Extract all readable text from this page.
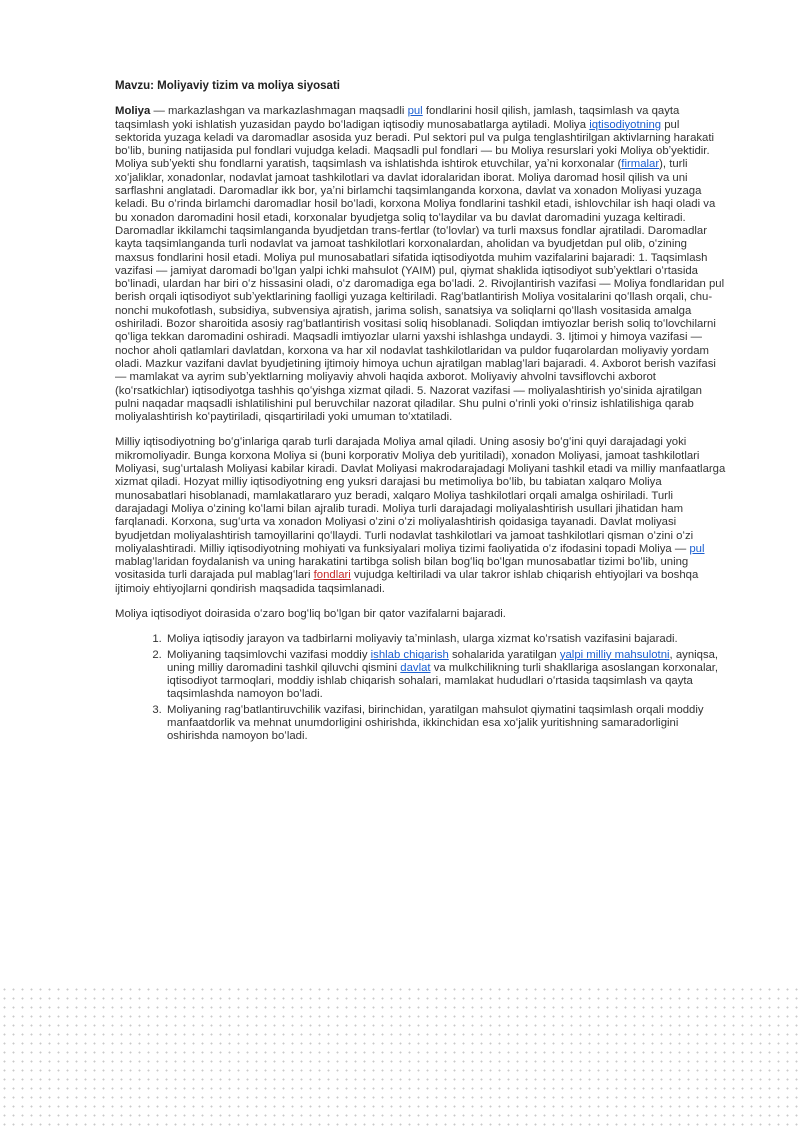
Mavzu: Moliyaviy tizim va moliya siyosati

Moliya — markazlashgan va markazlashmagan maqsadli pul fondlarini hosil qilish, jamlash, taqsimlash va qayta taqsimlash yoki ishlatish yuzasidan paydo boʻladigan iqtisodiy munosabatlarga aytiladi. Moliya iqtisodiyotning pul sektorida yuzaga keladi va daromadlar asosida yuz beradi. Pul sektori pul va pulga tenglashtirilgan aktivlarning harakati boʻlib, buning natijasida pul fondlari vujudga keladi. Maqsadli pul fondlari — bu Moliya resurslari yoki Moliya obʼyektidir. Moliya subʼyekti shu fondlarni yaratish, taqsimlash va ishlatishda ishtirok etuvchilar, yaʼni korxonalar (firmalar), turli xoʻjaliklar, xonadonlar, nodavlat jamoat tashkilotlari va davlat idoralaridan iborat. Moliya daromad hosil qilish va uni sarflashni anglatadi. Daromadlar ikk bor, yaʼni birlamchi taqsimlanganda korxona, davlat va xonadon Moliyasi yuzaga keladi. Bu oʻrinda birlamchi daromadlar hosil boʻladi, korxona Moliya fondlarini tashkil etadi, ishlovchilar ish haqi oladi va bu xonadon daromadini hosil etadi, korxonalar byudjetga soliq toʻlaydilar va bu davlat daromadini yuzaga keltiradi. Daromadlar ikkilamchi taqsimlanganda byudjetdan trans-fertlar (toʻlovlar) va turli maxsus fondlar ajratiladi. Daromadlar kayta taqsimlanganda turli nodavlat va jamoat tashkilotlari korxonalardan, aholidan va byudjetdan pul olib, oʻzining maxsus fondlarini hosil etadi. Moliya pul munosabatlari sifatida iqtisodiyotda muhim vazifalarini bajaradi: 1. Taqsimlash vazifasi — jamiyat daromadi boʻlgan yalpi ichki mahsulot (YAIM) pul, qiymat shaklida iqtisodiyot subʼyektlari oʻrtasida boʻlinadi, ulardan har biri oʻz hissasini oladi, oʻz daromadiga ega boʻladi. 2. Rivojlantirish vazifasi — Moliya fondlaridan pul berish orqali iqtisodiyot subʼyektlarining faolligi yuzaga keltiriladi. Ragʻbatlantirish Moliya vositalarini qoʻllash orqali, chu-nonchi mukofotlash, subsidiya, subvensiya ajratish, jarima solish, sanatsiya va soliqlarni qoʻllash vositasida amalga oshiriladi. Bozor sharoitida asosiy ragʻbatlantirish vositasi soliq hisoblanadi. Soliqdan imtiyozlar berish soliq toʻlovchilarni qoʻliga tekkan daromadini oshiradi. Maqsadli imtiyozlar ularni yaxshi ishlashga undaydi. 3. Ijtimoi y himoya vazifasi — nochor aholi qatlamlari davlatdan, korxona va har xil nodavlat tashkilotlaridan va puldor fuqarolardan moliyaviy yordam oladi. Mazkur vazifani davlat byudjetining ijtimoiy himoya uchun ajratilgan mablagʻlari bajaradi. 4. Axborot berish vazifasi — mamlakat va ayrim subʼyektlarning moliyaviy ahvoli haqida axborot. Moliyaviy ahvolni tavsiflovchi axborot (koʻrsatkichlar) iqtisodiyotga tashhis qoʻyishga xizmat qiladi. 5. Nazorat vazifasi — moliyalashtirish yoʻsinida ajratilgan pulni naqadar maqsadli ishlatilishini pul beruvchilar nazorat qiladilar. Shu pulni oʻrinli yoki oʻrinsiz ishlatilishiga qarab moliyalashtirish koʻpaytiriladi, qisqartiriladi yoki umuman toʻxtatiladi.

Milliy iqtisodiyotning boʻgʻinlariga qarab turli darajada Moliya amal qiladi. Uning asosiy boʻgʻini quyi darajadagi yoki mikromoliyadir. Bunga korxona Moliya si (buni korporativ Moliya deb yuritiladi), xonadon Moliyasi, jamoat tashkilotlari Moliyasi, sugʻurtalash Moliyasi kabilar kiradi. Davlat Moliyasi makrodarajadagi Moliyani tashkil etadi va milliy manfaatlarga xizmat qiladi. Hozyat milliy iqtisodiyotning eng yuksri darajasi bu metimoliya boʻlib, bu tabiatan xalqaro Moliya munosabatlari hisoblanadi, mamlakatlararo yuz beradi, xalqaro Moliya tashkilotlari orqali amalga oshiriladi. Turli darajadagi Moliya oʻzining koʻlami bilan ajralib turadi. Moliya turli darajadagi moliyalashtirish usullari jihatidan ham farqlanadi. Korxona, sugʻurta va xonadon Moliyasi oʻzini oʻzi moliyalashtirish qoidasiga tayanadi. Davlat moliyasi byudjetdan moliyalashtirish tamoyillarini qoʻllaydi. Turli nodavlat tashkilotlari va jamoat tashkilotlari qisman oʻzini oʻzi moliyalashtiradi. Milliy iqtisodiyotning mohiyati va funksiyalari moliya tizimi faoliyatida oʻz ifodasini topadi Moliya — pul mablagʻlaridan foydalanish va uning harakatini tartibga solish bilan bogʻliq boʻlgan munosabatlar tizimi boʻlib, uning vositasida turli darajada pul mablagʻlari fondlari vujudga keltiriladi va ular takror ishlab chiqarish ehtiyojlari va boshqa ijtimoiy ehtiyojlarni qondirish maqsadida taqsimlanadi.

Moliya iqtisodiyot doirasida oʻzaro bogʻliq boʻlgan bir qator vazifalarni bajaradi.

1. Moliya iqtisodiy jarayon va tadbirlarni moliyaviy taʼminlash, ularga xizmat koʻrsatish vazifasini bajaradi.
2. Moliyaning taqsimlovchi vazifasi moddiy ishlab chiqarish sohalarida yaratilgan yalpi milliy mahsulotni, ayniqsa, uning milliy daromadini tashkil qiluvchi qismini davlat va mulkchilikning turli shakllariga asoslangan korxonalar, iqtisodiyot tarmoqlari, moddiy ishlab chiqarish sohalari, mamlakat hududlari oʻrtasida taqsimlash va qayta taqsimlashda namoyon boʻladi.
3. Moliyaning ragʻbatlantiruvchilik vazifasi, birinchidan, yaratilgan mahsulot qiymatini taqsimlash orqali moddiy manfaatdorlik va mehnat unumdorligini oshirishda, ikkinchidan esa xoʻjalik yuritishning samaradorligini oshirishda namoyon boʻladi.
